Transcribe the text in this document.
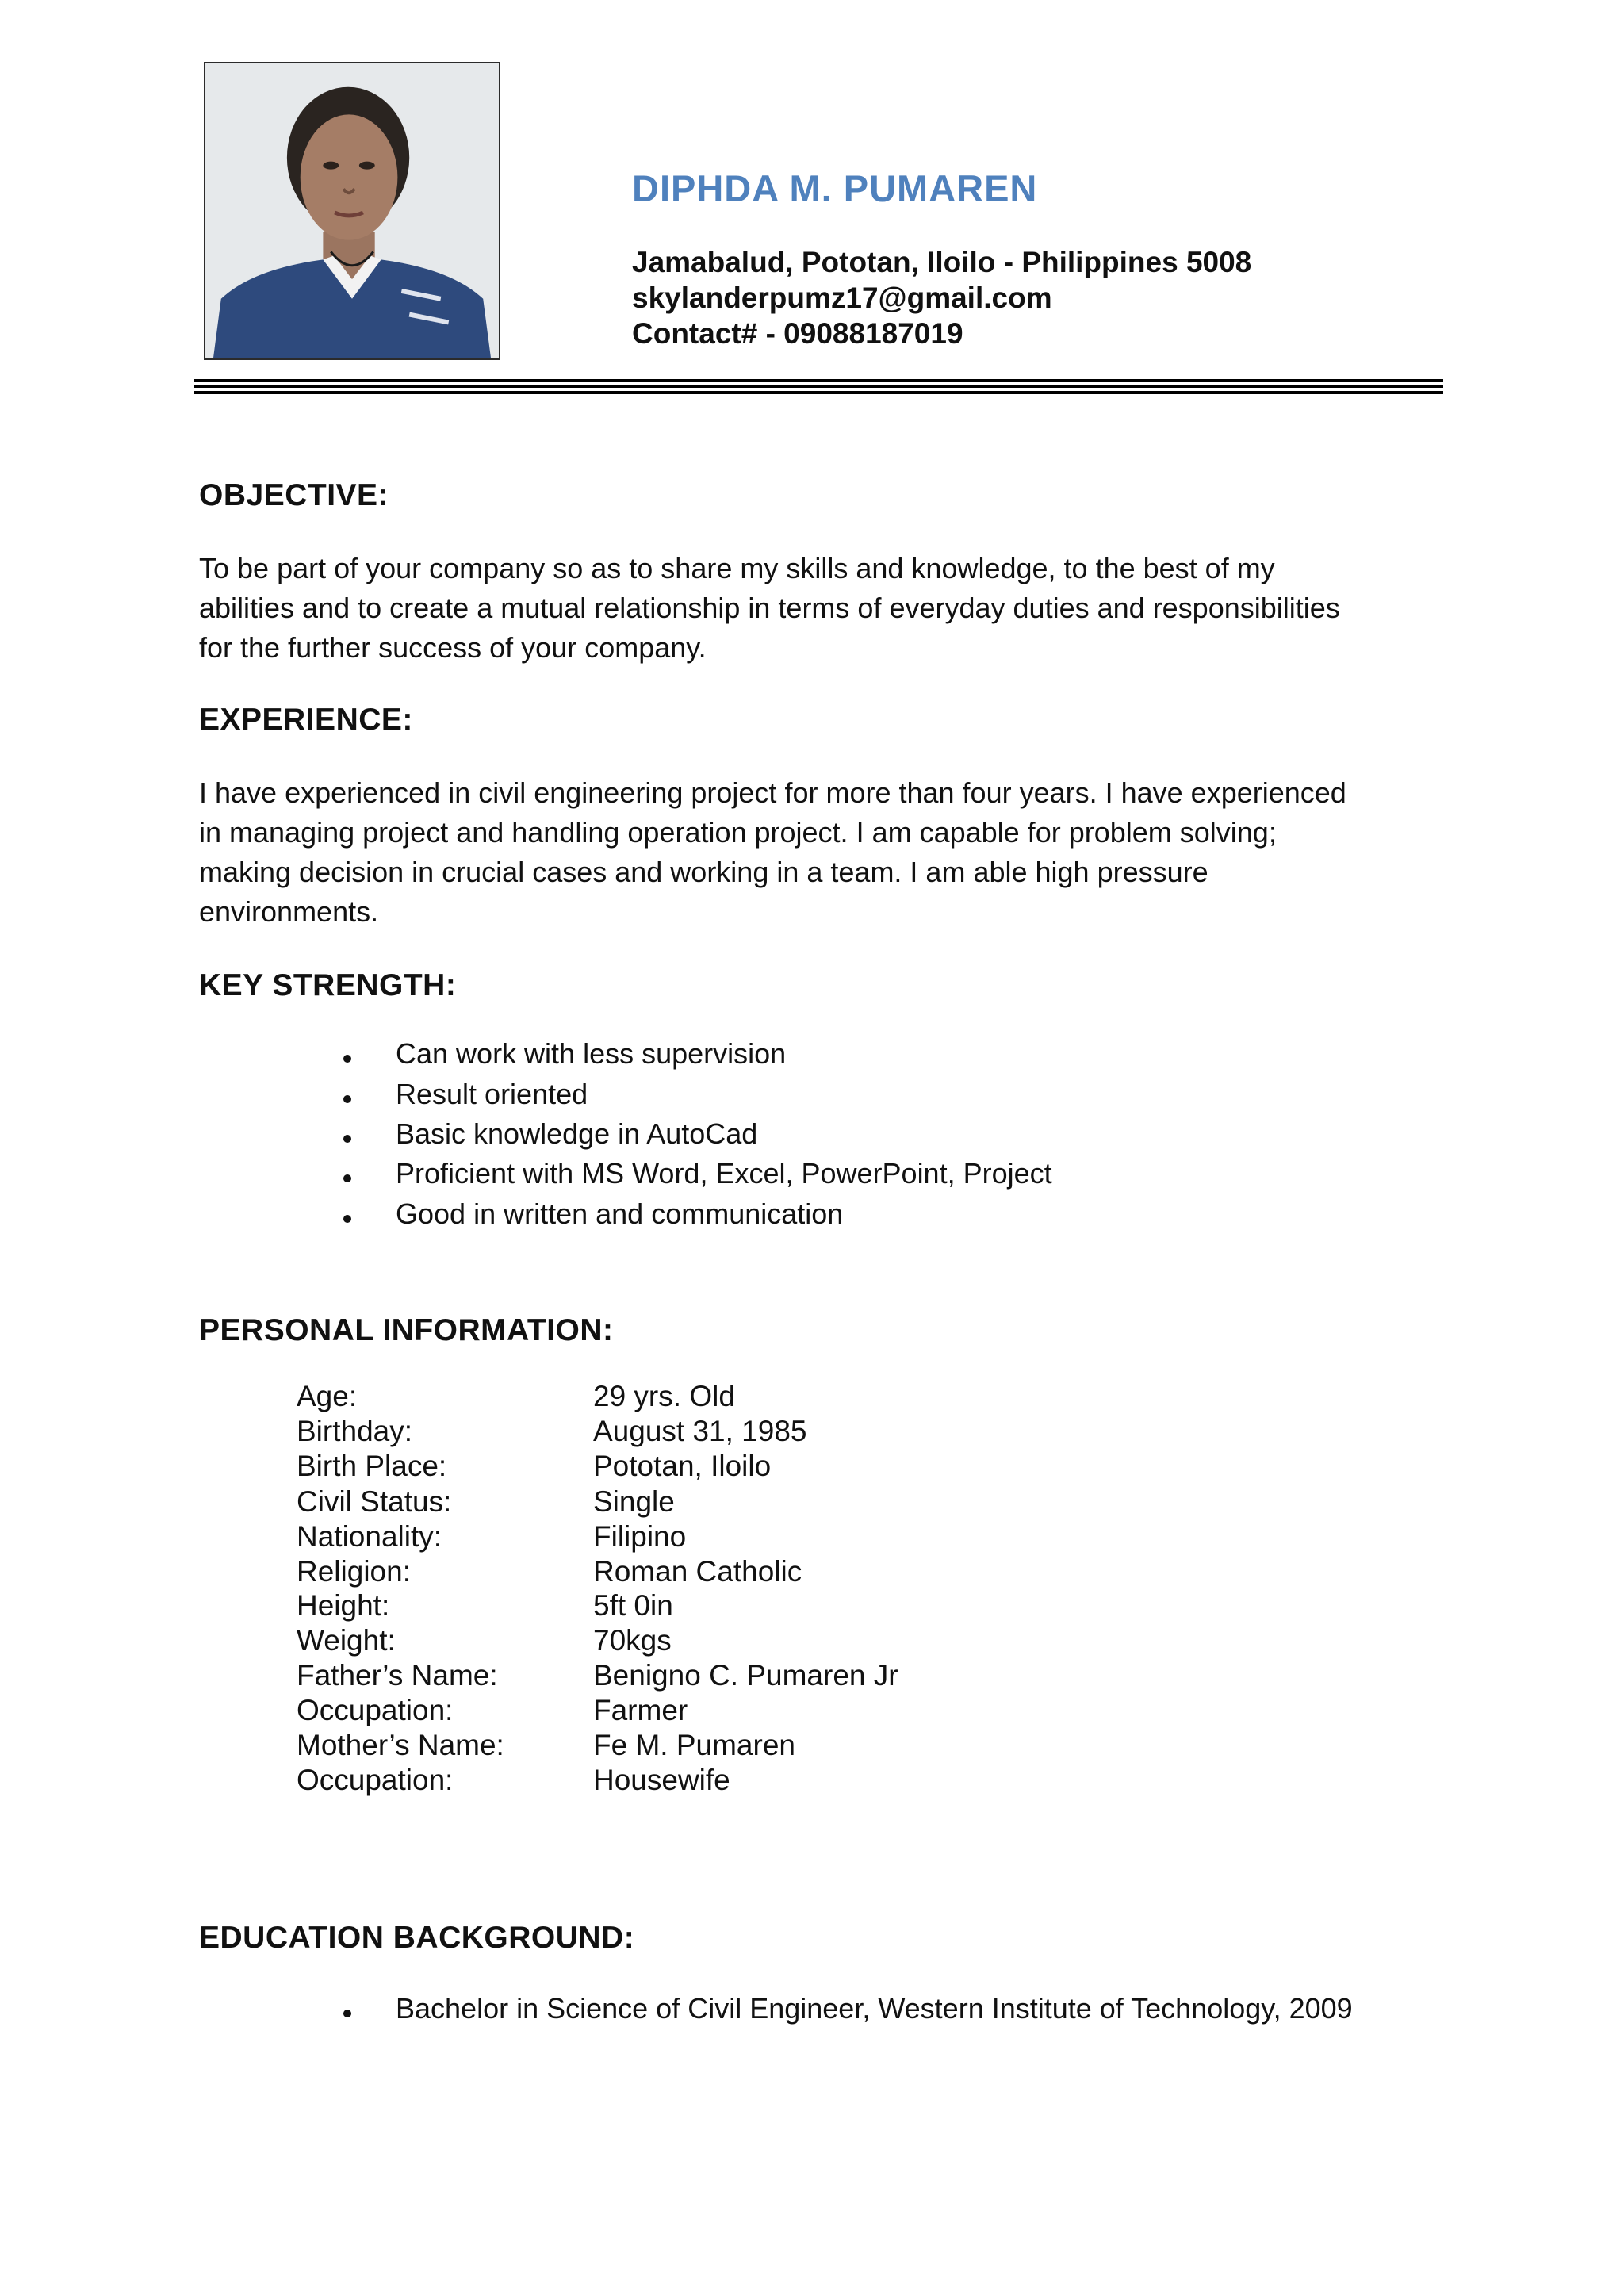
DIPHDA M. PUMAREN
Jamabalud, Pototan, Iloilo - Philippines 5008
skylanderpumz17@gmail.com
Contact# - 09088187019
OBJECTIVE:
To be part of your company so as to share my skills and knowledge, to the best of my
abilities and to create a mutual relationship in terms of everyday duties and responsibilities
for the further success of your company.
EXPERIENCE:
I have experienced in civil engineering project for more than four years. I have experienced
in managing project and handling operation project. I am capable for problem solving;
making decision in crucial cases and working in a team. I am able high pressure
environments.
KEY STRENGTH:
Can work with less supervision
Result oriented
Basic knowledge in AutoCad
Proficient with MS Word, Excel, PowerPoint, Project
Good in written and communication
PERSONAL INFORMATION:
Age:	29 yrs. Old
Birthday:	August 31, 1985
Birth Place:	Pototan, Iloilo
Civil Status:	Single
Nationality:	Filipino
Religion:	Roman Catholic
Height:	5ft 0in
Weight:	70kgs
Father’s Name:	Benigno C. Pumaren Jr
Occupation:	Farmer
Mother’s Name:	Fe M. Pumaren
Occupation:	Housewife
EDUCATION BACKGROUND:
Bachelor in Science of Civil Engineer, Western Institute of Technology, 2009
